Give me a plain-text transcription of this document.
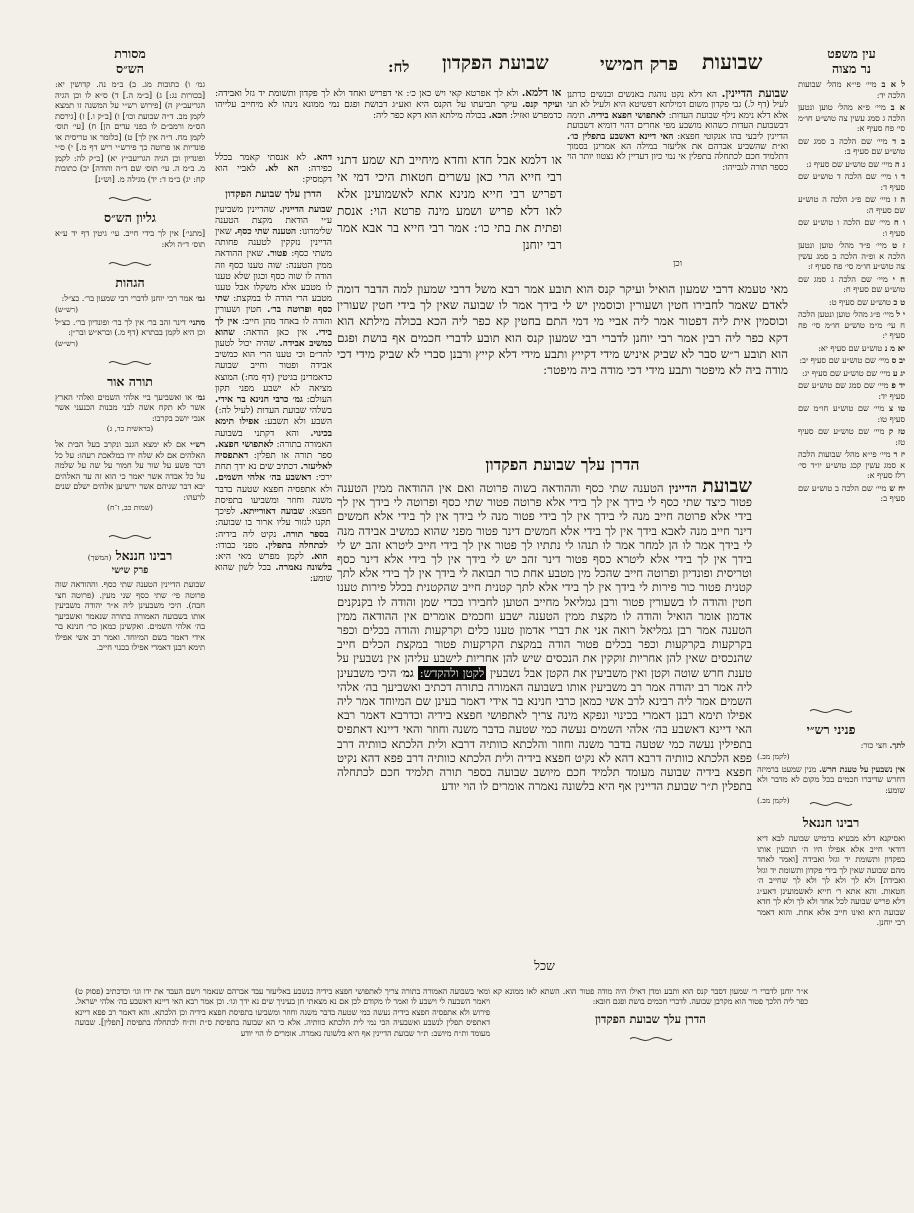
לח: שבועת הפקדון	פרק חמישי שבועות
מסורת
הש״ס

גמ׳ ו) כתובות מג. ב) ב״מ נה. קדושין יא: [בכורות נג:] ג) [ב״מ ה.] ד) ס״א לו וכן הגיה הגריעב״ץ ה) [פירוש רש״י על המשנה זו תמצא לקמן מב. ד״ה שבועת וכו׳] ו) [ב״ק ו.] ז) [גירסת הס״מ ורמב״ם לו בפני עדים הן] ח) [עי׳ תוס׳ לקמן מח. ד״ה אין לך] ט) [כלומר או טריסית או פונדיות או פרוטה כך פירש״י ריש דף מ.] י) ס״י ופונדיון וכן הגיה הגריעב״ץ יא) [ב״ק לה: לקמן מ. ב״מ ה. עי׳ תוס׳ שם ד״ה והודה] יב) כתובות קח: יג) ב״מ ד: יד) מגילה מ. [וש״נ]

גליון הש״ס

[מתני׳] אין לך בידי חייב. עי׳ גיטין דף יד ע״א תוס׳ ד״ה ולא:

הגהות

גמ׳ אמר רבי יוחנן לדברי רבי שמעון בר׳. כצ״ל:

(רש״ש)

מתני׳ דינר זהב בר׳ אין לך בר׳ ופונדיון בר׳. כצ״ל וכן היא לקמן בבתרא (דף מ.) וברא״ש ובר״ן:

(רש״ש)
תורה אור

גמ׳ או ואשביעך ביי אלהי השמים ואלהי הארץ אשר לא תקח אשה לבני מבנות הכנעני אשר אנכי יושב בקרבו:

(בראשית כד, ג)

רש״י אם לא ימצא הגנב ונקרב בעל הבית אל האלהים אם לא שלח ידו במלאכת רעהו: על כל דבר פשע על שור על חמור על שה על שלמה על כל אבדה אשר יאמר כי הוא זה עד האלהים יבא דבר שניהם אשר ירשיען אלהים ישלם שנים לרעהו:

(שמות כב, ז־ח)
רבינו חננאל (המשך)
פרק שישי

שבועת הדיינין הטענה שתי כסף. וההודאה שוה פרוטה פי׳ שתי כסף שני מעין. (פרוטה חצי חבה). היכי משבעינן ליה א״ר יהודה משביעין אותו בשבועה האמורה בתורה שנאמר ואשביעך בה׳ אלהי השמים. ואקשינן כמאן כר׳ חנינא בר אידי דאמר בשם המיוחד. ואמר רב אשי אפילו תימא רבנן דאמרי אפילו בכנוי חייב.

או דלמא. ולא לך אפרטא קאי ויש כאן כ׳: אי דפריש ואחד ולא לך פקדון ותשומת יד גזל ואבידה: ועיקר קנס. עיקר תביעתו על הקנס היא ואע״ג דבושת ופגם נמי ממונא נינהו לא מיחייב עלייהו כדמפרש ואזיל: הכא. בכולה מילתא הוא דקא כפר ליה:

שבועת הדיינין. הא דלא נקט נוהגת באנשים ובנשים כדתנן לעיל (דף ל.) גבי פקדון משום דמילתא דפשיטא היא ולעיל לא תני אלא דלא נימא נילף שבועת העדות: לאתפושי חפצא בידיה. תימה דבשבועת העדות כשהוא מושבע מפי אחרים דהוי דומיא דשבועת הדיינין ליבעי בהו אנקוטי חפצא: האי דיינא דאשבע בתפלין כו׳. וא״ת שהשביע אברהם את אליעזר במילה הא אמרינן בסמוך דתלמיד חכם לכתחלה בתפלין אי נמי כיון דעדיין לא נצטוו יותר הוי כספר תורה לגבייהו:

וכן

דהא. לא אנסתי קאמר בכלל כפירה: הא לא. לאביי הוא דקמסיק:

הדרן עלך שבועת הפקדון

שבועת הדיינין. שהדיינין משביעין ע״י הודאת מקצת הטענה שלימדונו: הטענה שתי כסף. שאין הדיינין נזקקין לטענה פחותה משתי כסף: פטור. שאין ההודאה ממין הטענה: שוה טענו כסף וזה הודה לו שוה כסף וכגון שלא טענו לו מטבע אלא משקלו אבל טענו מטבע הרי הודה לו במקצת: שתי כסף ופרוטה בר׳. חטין ושעורין והודה לו באחד מהן חייב: אין לך בידי. אין כאן הודאה: שהוא כמשיב אבידה. שהיה יכול לטעון להד״ם וכי טענו הרי הוא כמשיב אבידה ופטור וחייב שבועה כדאמרינן בגיטין (דף מח:) המוצא מציאה לא ישבע מפני תקון העולם: גמ׳ כרבי חנינא בר אידי. בשלהי שבועת העדות (לעיל לה:) השבע ולא תשבע: אפילו תימא בכינוי. והא דקתני בשבועה האמורה בתורה: לאתפושי חפצא. ספר תורה או תפלין: דאתפסיה לאליעזר. דכתיב שים נא ידך תחת ירכי: דאשבע בה׳ אלהי השמים. ולא אתפסיה חפצא שטעה בדבר משנה וחוזר ומשביעו בתפיסת חפצא: שבועה דאורייתא. לפיכך תקנו לגזור עליו ארור בו שבועה: בספר תורה. נקיט ליה בידיה: לכתחלה בתפלין. מפני כבודו: הוא. לקמן מפרש מאי היא: בלשונה נאמרה. בכל לשון שהוא שומע:

או דלמא אבל חדא וחדא מיחייב תא שמע דתני רבי חייא הרי כאן עשרים חטאות היכי דמי אי דפריש רבי חייא מנינא אתא לאשמועינן אלא לאו דלא פריש ושמע מינה פרטא הוי: אנסת ופתית את בתי כו׳: אמר רבי חייא בר אבא אמר רבי יוחנן

מאי טעמא דרבי שמעון הואיל ועיקר קנס הוא תובע אמר רבא משל דרבי שמעון למה הדבר דומה לאדם שאמר לחבירו חטין ושעורין וכוסמין יש לי בידך אמר לו שבועה שאין לך בידי חטין שעורין וכוסמין אית ליה דפטור אמר ליה אביי מי דמי התם בחטין קא כפר ליה הכא בכולה מילתא הוא דקא כפר ליה רבין אמר רבי יוחנן לדברי רבי שמעון קנס הוא תובע לדברי חכמים אף בושת ופגם הוא תובע ר״ש סבר לא שביק איניש מידי דקייץ ותבע מידי דלא קייץ ורבנן סברי לא שביק מידי דכי מודה ביה לא מיפטר ותבע מידי דכי מודה ביה מיפטר:

הדרן עלך שבועת הפקדון

שבועת הדיינין הטענה שתי כסף וההודאה בשוה פרוטה ואם אין ההודאה ממין הטענה פטור כיצד שתי כסף לי בידך אין לך בידי אלא פרוטה פטור שתי כסף ופרוטה לי בידך אין לך בידי אלא פרוטה חייב מנה לי בידך אין לך בידי פטור מנה לי בידך אין לך בידי אלא חמשים דינר חייב מנה לאבא בידך אין לך בידי אלא חמשים דינר פטור מפני שהוא כמשיב אבידה מנה לי בידך אמר לו הן למחר אמר לו תנהו לי נתתיו לך פטור אין לך בידי חייב ליטרא זהב יש לי בידך אין לך בידי אלא ליטרא כסף פטור דינר זהב יש לי בידך אין לך בידי אלא דינר כסף וטריסית ופונדיון ופרוטה חייב שהכל מין מטבע אחת כור תבואה לי בידך אין לך בידי אלא לתך קטנית פטור כור פירות לי בידך אין לך בידי אלא לתך קטנית חייב שהקטנית בכלל פירות טענו חטין והודה לו בשעורין פטור ורבן גמליאל מחייב הטוען לחבירו בכדי שמן והודה לו בקנקנים אדמון אומר הואיל והודה לו מקצת ממין הטענה ישבע וחכמים אומרים אין ההודאה ממין הטענה אמר רבן גמליאל רואה אני את דברי אדמון טענו כלים וקרקעות והודה בכלים וכפר בקרקעות בקרקעות וכפר בכלים פטור הודה במקצת הקרקעות פטור במקצת הכלים חייב שהנכסים שאין להן אחריות זוקקין את הנכסים שיש להן אחריות לישבע עליהן אין נשבעין על טענת חרש שוטה וקטן ואין משביעין את הקטן אבל נשבעין לקטן ולהקדש: גמ׳ היכי משבעינן ליה אמר רב יהודה אמר רב משביעין אותו בשבועה האמורה בתורה דכתיב ואשביעך בה׳ אלהי השמים אמר ליה רבינא לרב אשי כמאן כרבי חנינא בר אידי דאמר בעינן שם המיוחד אמר ליה אפילו תימא רבנן דאמרי בכינוי ונפקא מינה צריך לאתפושי חפצא בידיה וכדרבא דאמר רבא האי דיינא דאשבע בה׳ אלהי השמים נעשה כמי שטעה בדבר משנה וחוזר והאי דיינא דאתפיס בתפילין נעשה כמי שטעה בדבר משנה וחוזר והלכתא כוותיה דרבא ולית הלכתא כוותיה דרב פפא הלכתא כוותיה דרבא דהא לא נקיט חפצא בידיה ולית הלכתא כוותיה דרב פפא דהא נקיט חפצא בידיה שבועה מעומד תלמיד חכם מיושב שבועה בספר תורה תלמיד חכם לכתחלה בתפלין ת״ר שבועת הדיינין אף היא בלשונה נאמרה אומרים לו הוי יודע

שכל
עין משפט
נר מצוה
ל א ב מיי׳ פי״א מהל׳ שבועות הלכה יד:
א ב מיי׳ פ״א מהל׳ טוען ונטען הלכה ג סמג עשין צה טוש״ע חו״מ סי׳ פח סעיף א:
ב ד מיי׳ שם הלכה ב סמג שם טוש״ע שם סעיף ב:
ג ה מיי׳ שם טוש״ע שם סעיף ג:
ד ו מיי׳ שם הלכה ד טוש״ע שם סעיף ד:
ה ז מיי׳ שם פ״ג הלכה ה טוש״ע שם סעיף ה:
ו ח מיי׳ שם הלכה ו טוש״ע שם סעיף ו:
ז ט מיי׳ פ״ד מהל׳ טוען ונטען הלכה א ופ״ה הלכה ב סמג עשין צה טוש״ע חו״מ סי׳ פח סעיף ז:
ח י מיי׳ שם הלכה ג סמג שם טוש״ע שם סעיף ח:
ט כ טוש״ע שם סעיף ט:
י ל מיי׳ פ״ג מהל׳ טוען ונטען הלכה ח עי׳ מ״מ טוש״ע חו״מ סי׳ פח סעיף י:
יא מ נ טוש״ע שם סעיף יא:
יב ס מיי׳ שם טוש״ע שם סעיף יב:
יג ע מיי׳ שם טוש״ע שם סעיף יג:
יד פ מיי׳ שם סמג שם טוש״ע שם סעיף יד:
טו צ מיי׳ שם טוש״ע חו״מ שם סעיף טו:
טז ק מיי׳ שם טוש״ע שם סעיף טז:
יז ר מיי׳ פי״א מהל׳ שבועות הלכה א סמג עשין קכג טוש״ע יו״ד סי׳ רלז סעיף א:
יח ש מיי׳ שם הלכה ב טוש״ע שם סעיף ב:
פניני רש״י

לתך. חצי כור:

(לקמן מב.)

אין נשבעין על טענת חרש. מנין שמעט ברמיזה דחרש שדיברו חכמים בכל מקום לא מדבר ולא שומע:

(לקמן מב.)
רבינו חננאל

ואסיקנא דלא מבעיא ברמיש שבועה לבא דיא דודאי חייב אלא אפילו היו ה׳ תובעין אותו בפקדון ותשומת יד וגזל ואבידה [ואמר לאחד מהם שבועה שאין לך בידי פקדון ותשומת יד וגזל ואבידה] ולא לך ולא לך ולא לך שחייב ה׳ חטאות. והא אתא ר׳ חייא לאשמועינן דאע״ג דלא פריש שבועה לכל אחד ולא לך ולא לך חדא שבועה היא ואינו חייב אלא אחת. והוא דאמר רבי יוחנן.

ומאי בשבועה האמורה בתורה צריך לאתפושי חפצא בידיה כנשבע באליעזר עבד אברהם שנאמר וישם העבד את ידו וגו׳ וכדכתיב (פסוק ט) ויאמר השבעה לי וישבע לו ואמר לו מקודם לכן אם נא מצאתי חן בעיניך שים נא ידך וגו׳. וכן אמר רבא האי דיינא דאשבע בה׳ אלהי ישראל. פירוש ולא אתפסיה חפצא בידיה נעשה כמי שטעה בדבר משנה וחוזר ומשביעו בתפיסת חפצא בידיה וכן הלכתא. והא דאמר רב פפא דיינא דאתפיס תפלין לנשבע ואשבעיה הכי נמי לית הלכתא כוותיה. אלא כי הא שבועה בתפיסת ס״ת ות״ח לכתחלה בתפיסת [תפלין]. שבועה מעומד ות״ח מיושב: ת״ר שבועת הדיינין אף היא בלשונה נאמרה. אומרים לו הוי יודע

א״ר יוחנן לדברי ר׳ שמעון דסבר קנס הוא ותבע ומדן דאילו היה מודה פטור הוא. השתא לאו ממונא קא כפר ליה הלכך פטור הוא מקרבן שבועה. לדברי חכמים בושת ופגם חובא:

הדרן עלך שבועת הפקדון
